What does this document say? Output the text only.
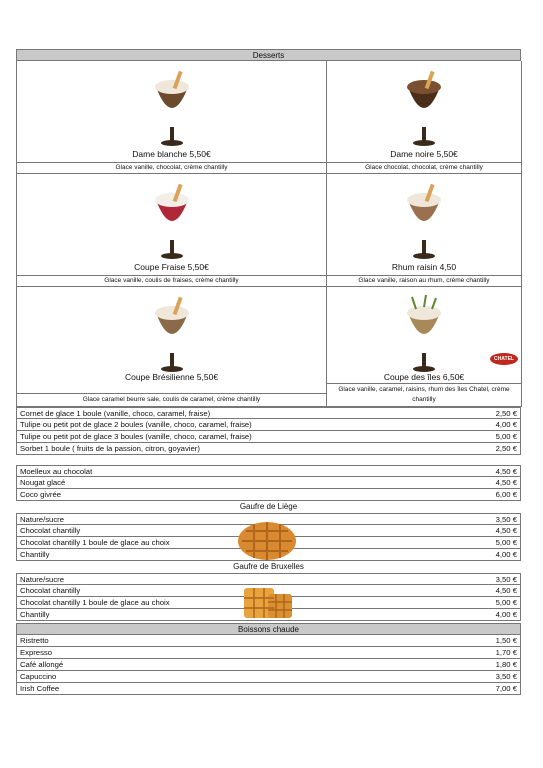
Desserts
Dame blanche 5,50€
Glace vanille, chocolat, crème chantilly
Dame noire 5,50€
Glace chocolat, chocolat, crème chantilly
Coupe Fraise 5,50€
Glace vanille, coulis de fraises, crème chantilly
Rhum raisin 4,50
Glace vanille, raison au rhum, crème chantilly
Coupe Brésilienne 5,50€
Glace caramel beurre sale, coulis de caramel, crème chantilly
CHATEL
Coupe des îles 6,50€
Glace vanille, caramel, raisins, rhum des îles Chatel, crème chantilly
Cornet de glace 1 boule (vanille, choco, caramel, fraise)	2,50 €
Tulipe ou petit pot de glace 2 boules (vanille, choco, caramel, fraise)	4,00 €
Tulipe ou petit pot de glace 3 boules (vanille, choco, caramel, fraise)	5,00 €
Sorbet 1 boule ( fruits de la passion, citron, goyavier)	2,50 €
Moelleux au chocolat	4,50 €
Nougat glacé	4,50 €
Coco givrée	6,00 €
Gaufre de Liège
Nature/sucre	3,50 €
Chocolat chantilly	4,50 €
Chocolat chantilly 1 boule de glace au choix	5,00 €
Chantilly	4,00 €
Gaufre de Bruxelles
Nature/sucre	3,50 €
Chocolat chantilly	4,50 €
Chocolat chantilly 1 boule de glace au choix	5,00 €
Chantilly	4,00 €
Boissons chaude
Ristretto	1,50 €
Expresso	1,70 €
Café allongé	1,80 €
Capuccino	3,50 €
Irish Coffee	7,00 €
